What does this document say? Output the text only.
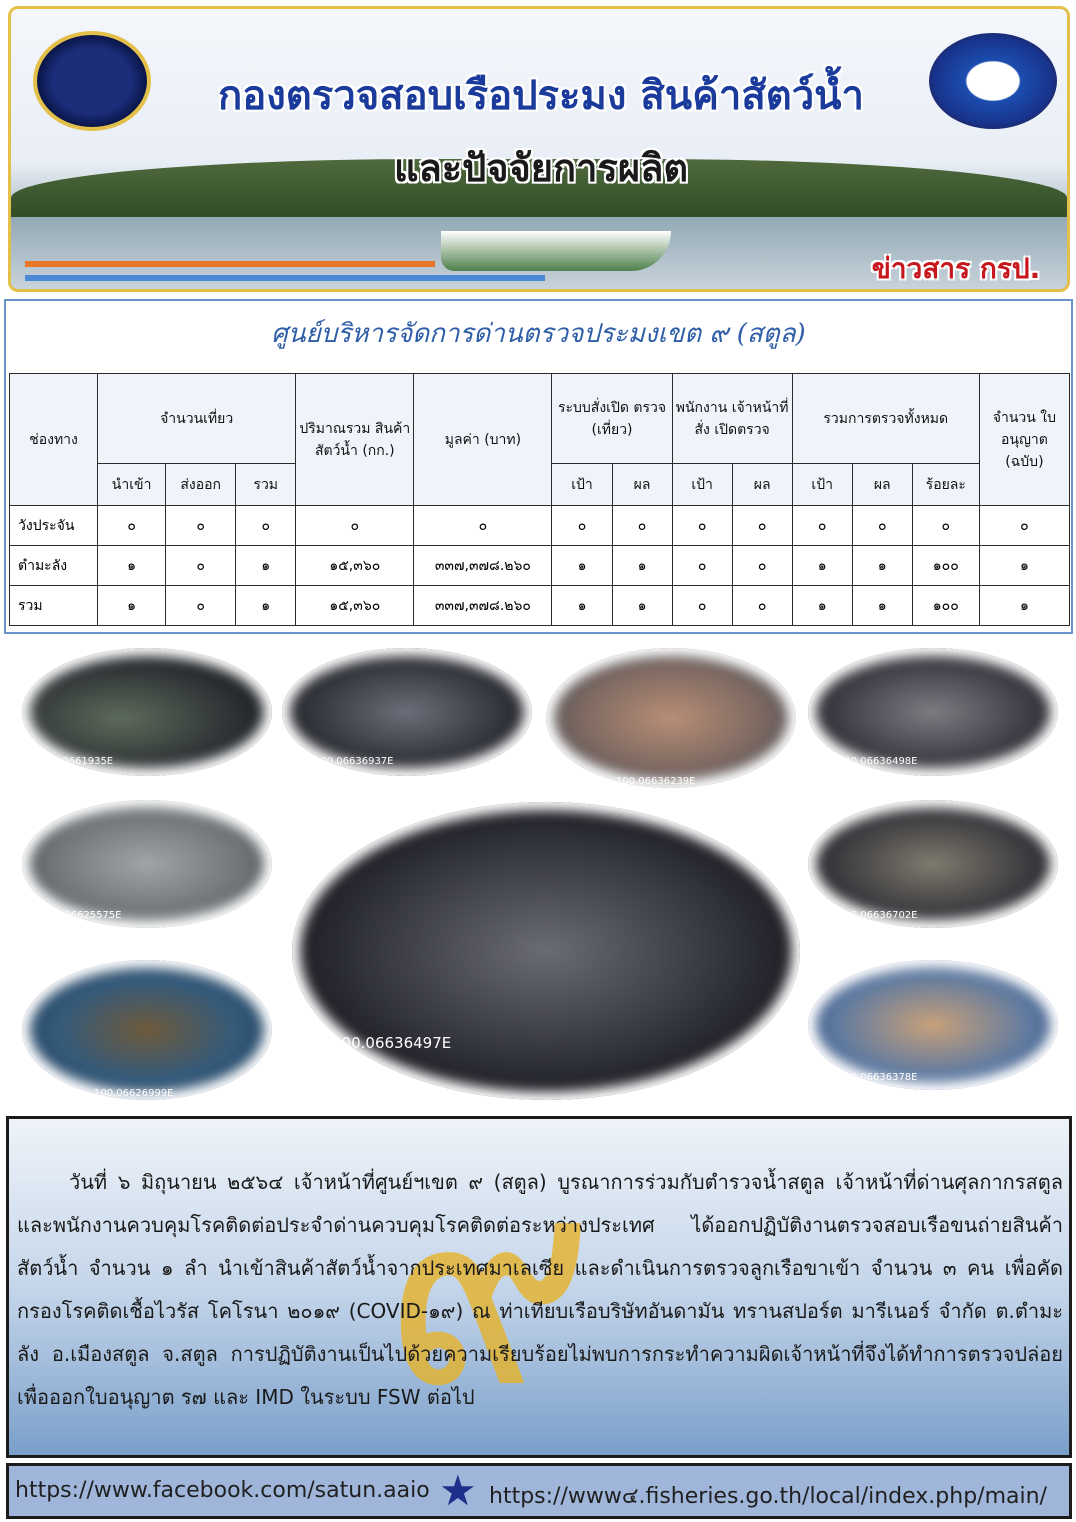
กองตรวจสอบเรือประมง สินค้าสัตว์น้ำ
และปัจจัยการผลิต
ข่าวสาร กรป.
ศูนย์บริหารจัดการด่านตรวจประมงเขต ๙ (สตูล)
ช่องทาง	จำนวนเที่ยว			ปริมาณรวม สินค้าสัตว์น้ำ (กก.)	มูลค่า (บาท)	ระบบสั่งเปิด ตรวจ (เที่ยว)		พนักงาน เจ้าหน้าที่สั่ง เปิดตรวจ		รวมการตรวจทั้งหมด			จำนวน ใบอนุญาต (ฉบับ)
	นำเข้า	ส่งออก	รวม			เป้า	ผล	เป้า	ผล	เป้า	ผล	ร้อยละ	
วังประจัน	๐	๐	๐	๐	๐	๐	๐	๐	๐	๐	๐	๐	๐
ตำมะลัง	๑	๐	๑	๑๕,๓๖๐	๓๓๗,๓๗๘.๒๖๐	๑	๑	๐	๐	๑	๑	๑๐๐	๑
รวม	๑	๐	๑	๑๕,๓๖๐	๓๓๗,๓๗๘.๒๖๐	๑	๑	๐	๐	๑	๑	๑๐๐	๑
100.0661935E	100.06636937E
100.06636239E
100.06636498E
100.06625575E
100.06636497E
100.06636702E
100.06626999E
100.06636378E
๙
วันที่ ๖ มิถุนายน ๒๕๖๔ เจ้าหน้าที่ศูนย์ฯเขต ๙ (สตูล) บูรณาการร่วมกับตำรวจน้ำสตูล เจ้าหน้าที่ด่านศุลกากรสตูล และพนักงานควบคุมโรคติดต่อประจำด่านควบคุมโรคติดต่อระหว่างประเทศ ได้ออกปฏิบัติงานตรวจสอบเรือขนถ่ายสินค้าสัตว์น้ำ จำนวน ๑ ลำ นำเข้าสินค้าสัตว์น้ำจากประเทศมาเลเซีย และดำเนินการตรวจลูกเรือขาเข้า จำนวน ๓ คน เพื่อคัดกรองโรคติดเชื้อไวรัส โคโรนา ๒๐๑๙ (COVID-๑๙) ณ ท่าเทียบเรือบริษัทอันดามัน ทรานสปอร์ต มารีเนอร์ จำกัด ต.ตำมะลัง อ.เมืองสตูล จ.สตูล การปฏิบัติงานเป็นไปด้วยความเรียบร้อยไม่พบการกระทำความผิดเจ้าหน้าที่จึงได้ทำการตรวจปล่อยเพื่อออกใบอนุญาต ร๗ และ IMD ในระบบ FSW ต่อไป
https://www.facebook.com/satun.aaio ★ https://www๔.fisheries.go.th/local/index.php/main/
